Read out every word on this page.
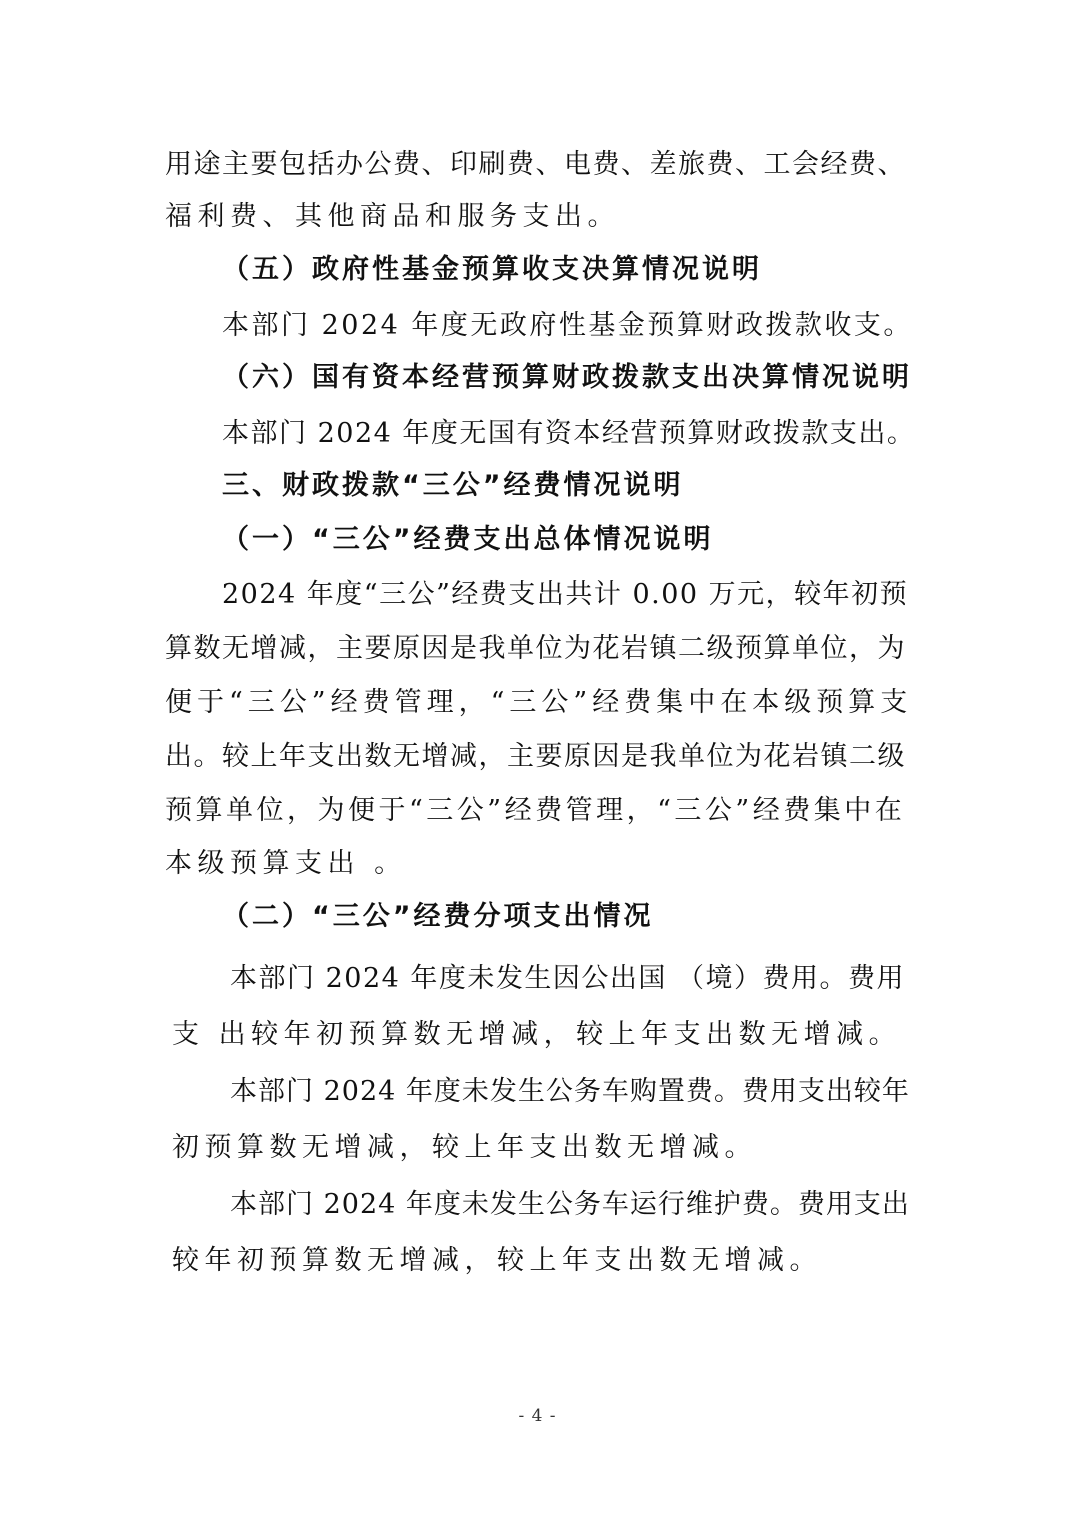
用途主要包括办公费、印刷费、电费、差旅费、工会经费、
福利费、其他商品和服务支出。
（五）政府性基金预算收支决算情况说明
本部门 2024 年度无政府性基金预算财政拨款收支。
（六）国有资本经营预算财政拨款支出决算情况说明
本部门 2024 年度无国有资本经营预算财政拨款支出。
三、财政拨款“三公”经费情况说明
（一）“三公”经费支出总体情况说明
2024 年度“三公”经费支出共计 0.00 万元，较年初预
算数无增减，主要原因是我单位为花岩镇二级预算单位，为
便于“三公”经费管理，“三公”经费集中在本级预算支
出。较上年支出数无增减，主要原因是我单位为花岩镇二级
预算单位，为便于“三公”经费管理，“三公”经费集中在
本级预算支出 。
（二）“三公”经费分项支出情况
本部门 2024 年度未发生因公出国 （境）费用。费用
支 出较年初预算数无增减，较上年支出数无增减。
本部门 2024 年度未发生公务车购置费。费用支出较年
初预算数无增减，较上年支出数无增减。
本部门 2024 年度未发生公务车运行维护费。费用支出
较年初预算数无增减，较上年支出数无增减。
- 4 -
